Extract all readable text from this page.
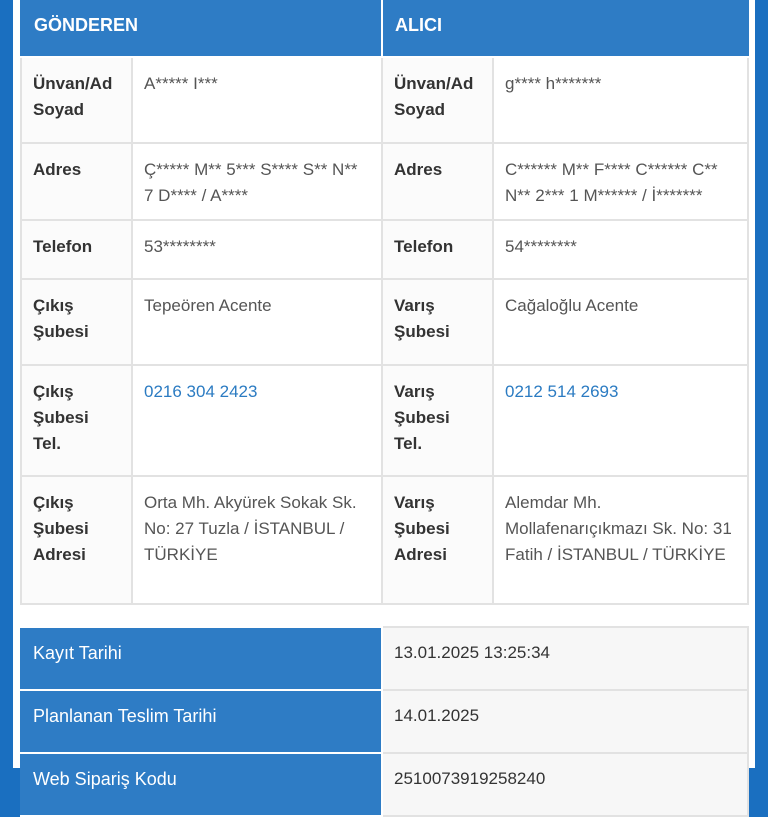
GÖNDEREN		ALICI	
Ünvan/Ad Soyad	A***** I***	Ünvan/Ad Soyad	g**** h*******
Adres	Ç***** M** 5*** S**** S** N** 7 D**** / A****	Adres	C****** M** F**** C****** C** N** 2*** 1 M****** / İ*******
Telefon	53********	Telefon	54********
Çıkış Şubesi	Tepeören Acente	Varış Şubesi	Cağaloğlu Acente
Çıkış Şubesi Tel.	0216 304 2423	Varış Şubesi Tel.	0212 514 2693
Çıkış Şubesi Adresi	Orta Mh. Akyürek Sokak Sk. No: 27 Tuzla / İSTANBUL / TÜRKİYE	Varış Şubesi Adresi	Alemdar Mh. Mollafenarıçıkmazı Sk. No: 31 Fatih / İSTANBUL / TÜRKİYE
Kayıt Tarihi	13.01.2025 13:25:34
Planlanan Teslim Tarihi	14.01.2025
Web Sipariş Kodu	2510073919258240
